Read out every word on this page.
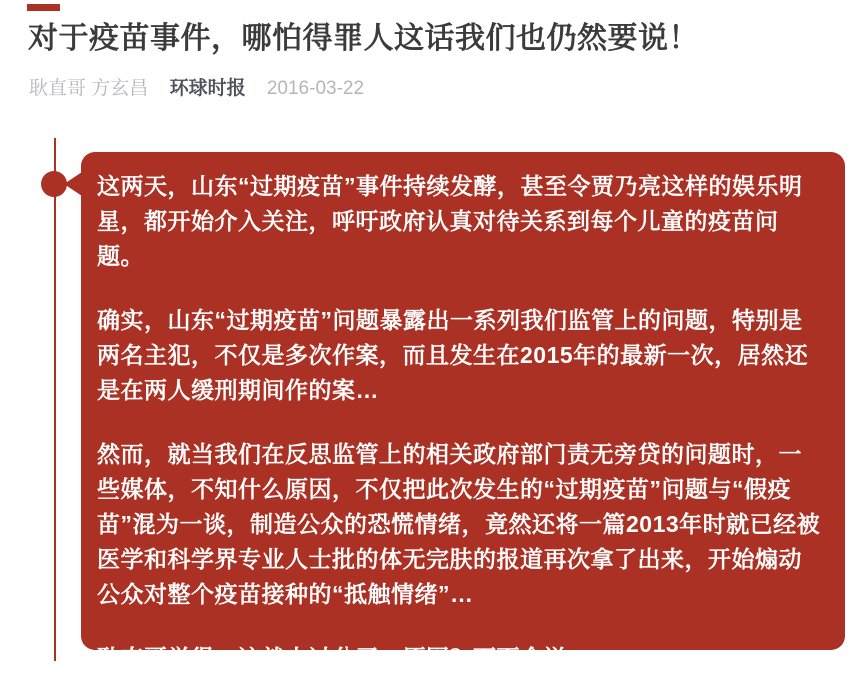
对于疫苗事件，哪怕得罪人这话我们也仍然要说！
耿直哥 方玄昌 环球时报 2016-03-22

这两天，山东“过期疫苗”事件持续发酵，甚至令贾乃亮这样的娱乐明星，都开始介入关注，呼吁政府认真对待关系到每个儿童的疫苗问题。

确实，山东“过期疫苗”问题暴露出一系列我们监管上的问题，特别是两名主犯，不仅是多次作案，而且发生在2015年的最新一次，居然还是在两人缓刑期间作的案…

然而，就当我们在反思监管上的相关政府部门责无旁贷的问题时，一些媒体，不知什么原因，不仅把此次发生的“过期疫苗”问题与“假疫苗”混为一谈，制造公众的恐慌情绪，竟然还将一篇2013年时就已经被医学和科学界专业人士批的体无完肤的报道再次拿了出来，开始煽动公众对整个疫苗接种的“抵触情绪”…

耿直哥觉得，这就太过分了。原因？下面会说。
